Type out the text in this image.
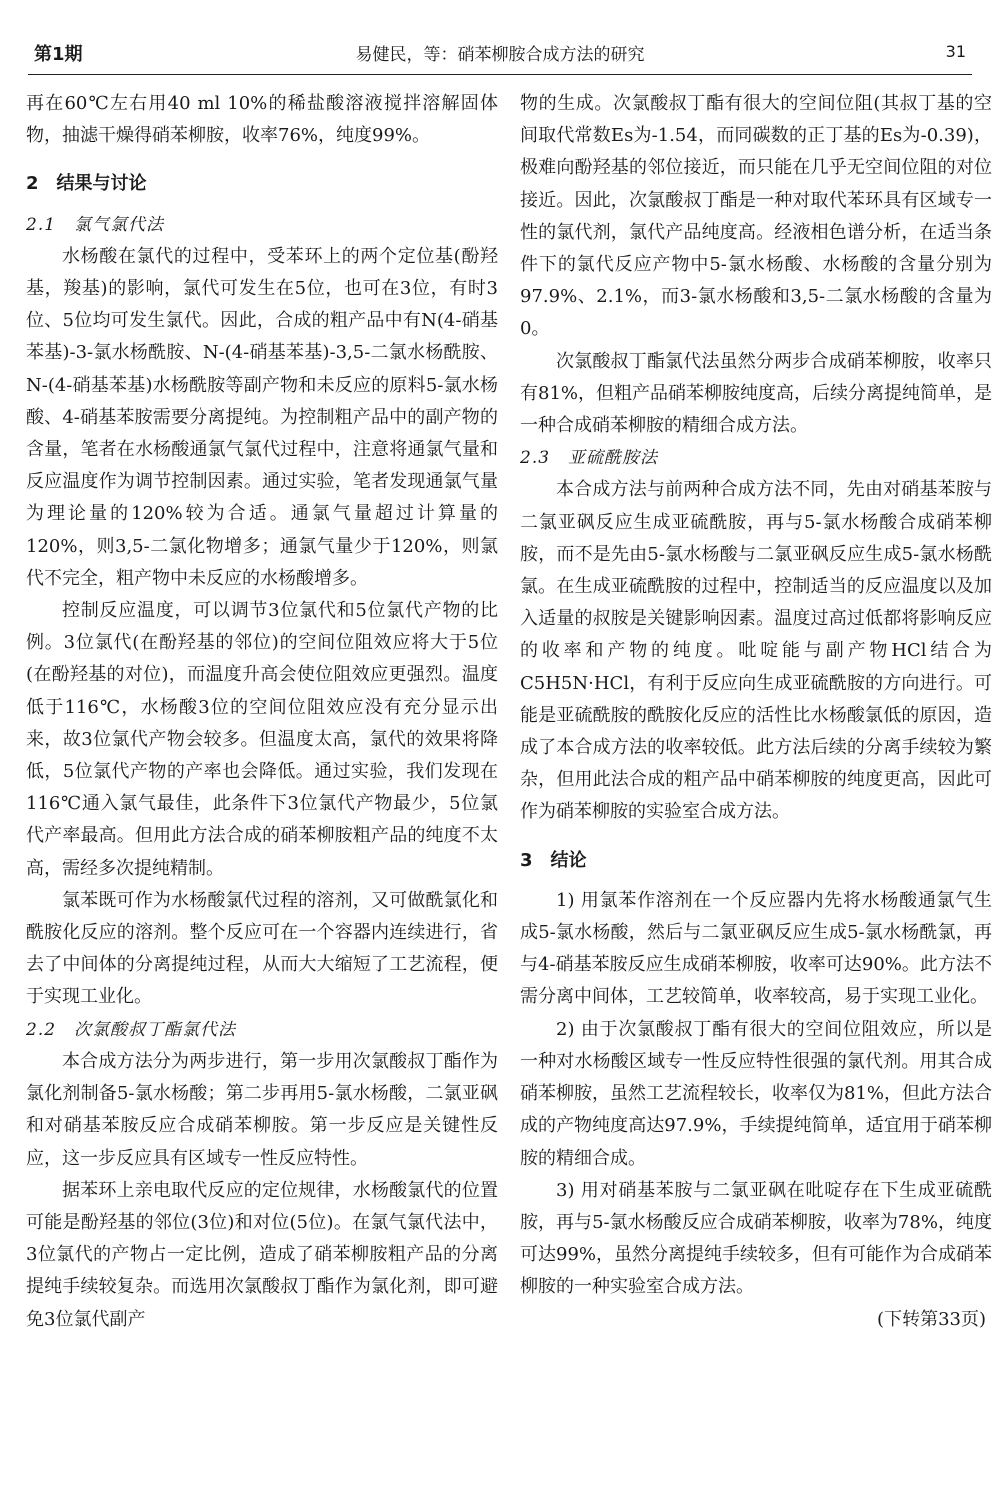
第1期	易健民，等：硝苯柳胺合成方法的研究	31

再在60℃左右用40 ml 10%的稀盐酸溶液搅拌溶解固体物，抽滤干燥得硝苯柳胺，收率76%，纯度99%。

2　结果与讨论

2.1　氯气氯代法

水杨酸在氯代的过程中，受苯环上的两个定位基(酚羟基，羧基)的影响，氯代可发生在5位，也可在3位，有时3位、5位均可发生氯代。因此，合成的粗产品中有N(4-硝基苯基)-3-氯水杨酰胺、N-(4-硝基苯基)-3,5-二氯水杨酰胺、N-(4-硝基苯基)水杨酰胺等副产物和未反应的原料5-氯水杨酸、4-硝基苯胺需要分离提纯。为控制粗产品中的副产物的含量，笔者在水杨酸通氯气氯代过程中，注意将通氯气量和反应温度作为调节控制因素。通过实验，笔者发现通氯气量为理论量的120%较为合适。通氯气量超过计算量的120%，则3,5-二氯化物增多；通氯气量少于120%，则氯代不完全，粗产物中未反应的水杨酸增多。

控制反应温度，可以调节3位氯代和5位氯代产物的比例。3位氯代(在酚羟基的邻位)的空间位阻效应将大于5位(在酚羟基的对位)，而温度升高会使位阻效应更强烈。温度低于116℃，水杨酸3位的空间位阻效应没有充分显示出来，故3位氯代产物会较多。但温度太高，氯代的效果将降低，5位氯代产物的产率也会降低。通过实验，我们发现在116℃通入氯气最佳，此条件下3位氯代产物最少，5位氯代产率最高。但用此方法合成的硝苯柳胺粗产品的纯度不太高，需经多次提纯精制。

氯苯既可作为水杨酸氯代过程的溶剂，又可做酰氯化和酰胺化反应的溶剂。整个反应可在一个容器内连续进行，省去了中间体的分离提纯过程，从而大大缩短了工艺流程，便于实现工业化。

2.2　次氯酸叔丁酯氯代法

本合成方法分为两步进行，第一步用次氯酸叔丁酯作为氯化剂制备5-氯水杨酸；第二步再用5-氯水杨酸，二氯亚砜和对硝基苯胺反应合成硝苯柳胺。第一步反应是关键性反应，这一步反应具有区域专一性反应特性。

据苯环上亲电取代反应的定位规律，水杨酸氯代的位置可能是酚羟基的邻位(3位)和对位(5位)。在氯气氯代法中，3位氯代的产物占一定比例，造成了硝苯柳胺粗产品的分离提纯手续较复杂。而选用次氯酸叔丁酯作为氯化剂，即可避免3位氯代副产

物的生成。次氯酸叔丁酯有很大的空间位阻(其叔丁基的空间取代常数Es为-1.54，而同碳数的正丁基的Es为-0.39)，极难向酚羟基的邻位接近，而只能在几乎无空间位阻的对位接近。因此，次氯酸叔丁酯是一种对取代苯环具有区域专一性的氯代剂，氯代产品纯度高。经液相色谱分析，在适当条件下的氯代反应产物中5-氯水杨酸、水杨酸的含量分别为97.9%、2.1%，而3-氯水杨酸和3,5-二氯水杨酸的含量为0。

次氯酸叔丁酯氯代法虽然分两步合成硝苯柳胺，收率只有81%，但粗产品硝苯柳胺纯度高，后续分离提纯简单，是一种合成硝苯柳胺的精细合成方法。

2.3　亚硫酰胺法

本合成方法与前两种合成方法不同，先由对硝基苯胺与二氯亚砜反应生成亚硫酰胺，再与5-氯水杨酸合成硝苯柳胺，而不是先由5-氯水杨酸与二氯亚砜反应生成5-氯水杨酰氯。在生成亚硫酰胺的过程中，控制适当的反应温度以及加入适量的叔胺是关键影响因素。温度过高过低都将影响反应的收率和产物的纯度。吡啶能与副产物HCl结合为C5H5N·HCl，有利于反应向生成亚硫酰胺的方向进行。可能是亚硫酰胺的酰胺化反应的活性比水杨酸氯低的原因，造成了本合成方法的收率较低。此方法后续的分离手续较为繁杂，但用此法合成的粗产品中硝苯柳胺的纯度更高，因此可作为硝苯柳胺的实验室合成方法。

3　结论

1) 用氯苯作溶剂在一个反应器内先将水杨酸通氯气生成5-氯水杨酸，然后与二氯亚砜反应生成5-氯水杨酰氯，再与4-硝基苯胺反应生成硝苯柳胺，收率可达90%。此方法不需分离中间体，工艺较简单，收率较高，易于实现工业化。

2) 由于次氯酸叔丁酯有很大的空间位阻效应，所以是一种对水杨酸区域专一性反应特性很强的氯代剂。用其合成硝苯柳胺，虽然工艺流程较长，收率仅为81%，但此方法合成的产物纯度高达97.9%，手续提纯简单，适宜用于硝苯柳胺的精细合成。

3) 用对硝基苯胺与二氯亚砜在吡啶存在下生成亚硫酰胺，再与5-氯水杨酸反应合成硝苯柳胺，收率为78%，纯度可达99%，虽然分离提纯手续较多，但有可能作为合成硝苯柳胺的一种实验室合成方法。

(下转第33页)
